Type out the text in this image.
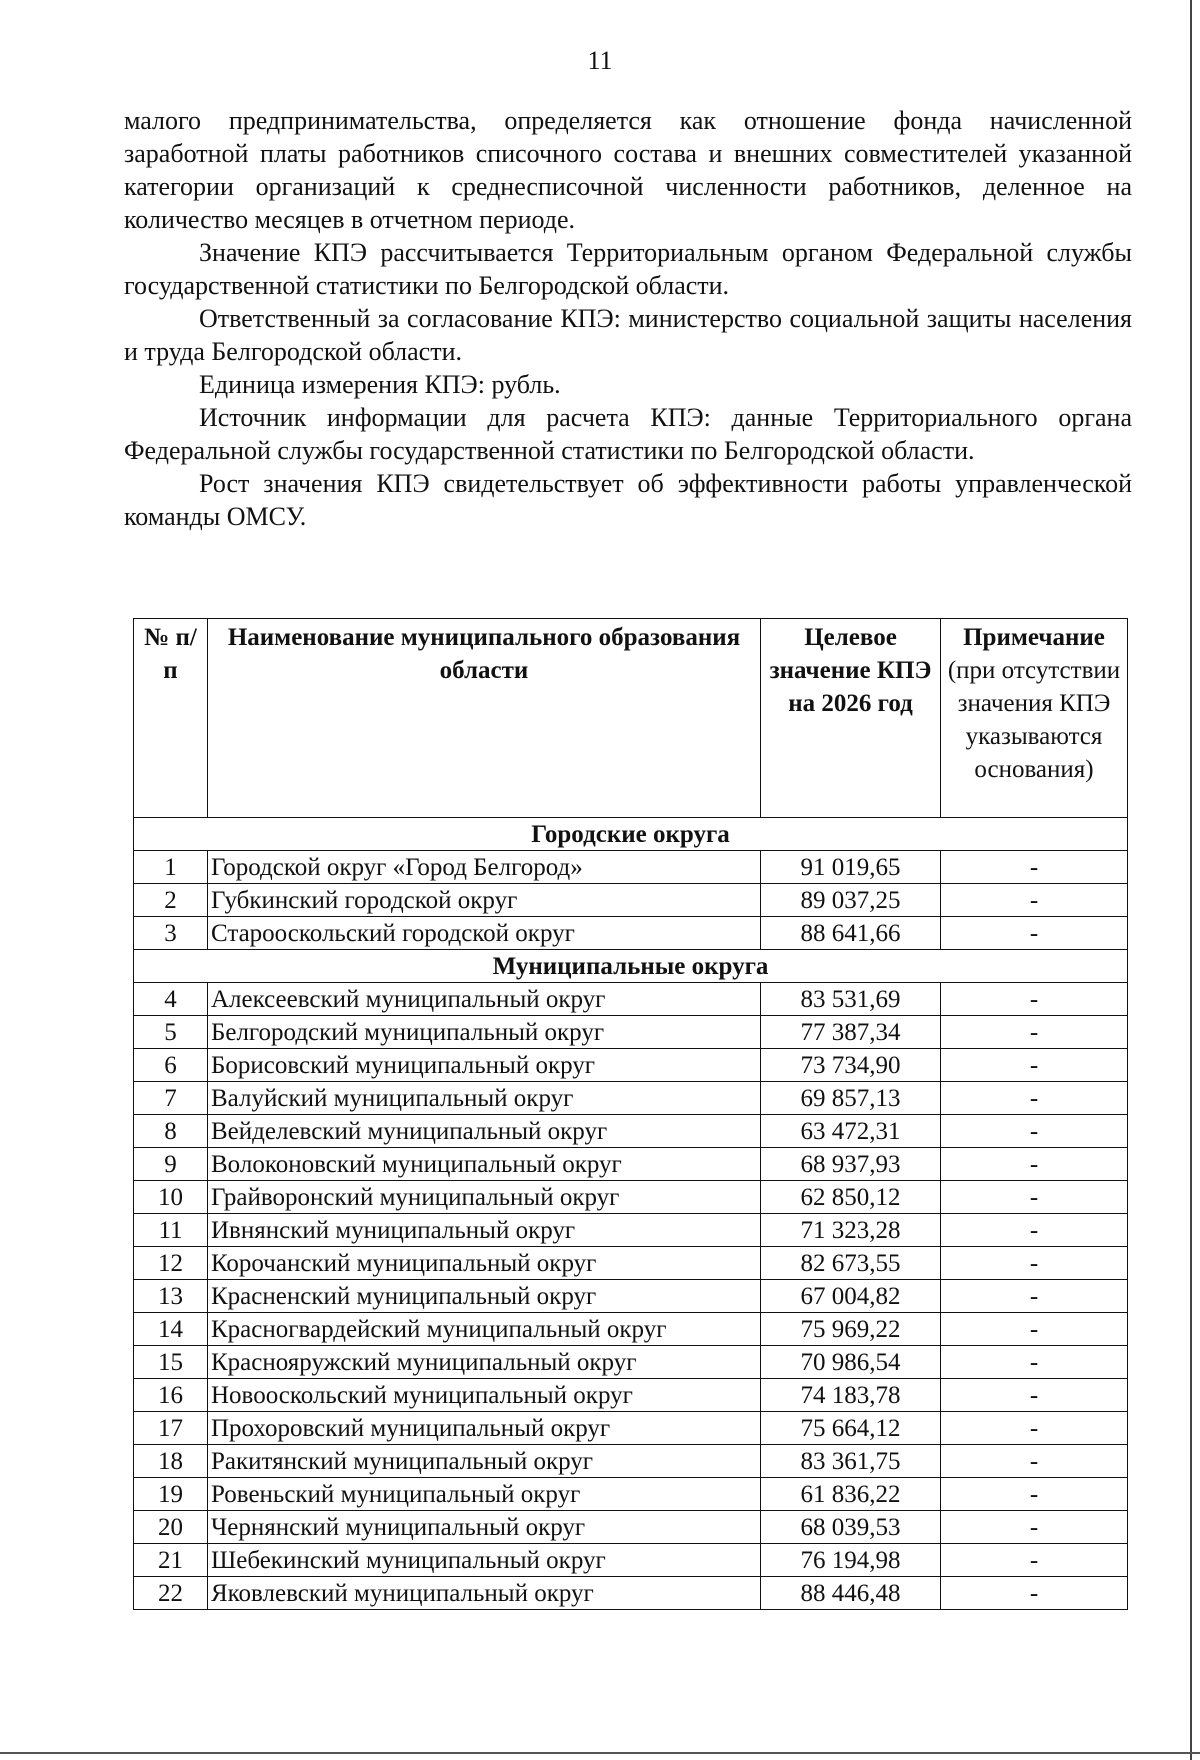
11

малого предпринимательства, определяется как отношение фонда начисленной заработной платы работников списочного состава и внешних совместителей указанной категории организаций к среднесписочной численности работников, деленное на количество месяцев в отчетном периоде.

Значение КПЭ рассчитывается Территориальным органом Федеральной службы государственной статистики по Белгородской области.

Ответственный за согласование КПЭ: министерство социальной защиты населения и труда Белгородской области.

Единица измерения КПЭ: рубль.

Источник информации для расчета КПЭ: данные Территориального органа Федеральной службы государственной статистики по Белгородской области.

Рост значения КПЭ свидетельствует об эффективности работы управленческой команды ОМСУ.

№ п/п	Наименование муниципального образования области	Целевое значение КПЭ на 2026 год	Примечание
(при отсутствии значения КПЭ указываются основания)
Городские округа			
1	Городской округ «Город Белгород»	91 019,65	-
2	Губкинский городской округ	89 037,25	-
3	Старооскольский городской округ	88 641,66	-
Муниципальные округа			
4	Алексеевский муниципальный округ	83 531,69	-
5	Белгородский муниципальный округ	77 387,34	-
6	Борисовский муниципальный округ	73 734,90	-
7	Валуйский муниципальный округ	69 857,13	-
8	Вейделевский муниципальный округ	63 472,31	-
9	Волоконовский муниципальный округ	68 937,93	-
10	Грайворонский муниципальный округ	62 850,12	-
11	Ивнянский муниципальный округ	71 323,28	-
12	Корочанский муниципальный округ	82 673,55	-
13	Красненский муниципальный округ	67 004,82	-
14	Красногвардейский муниципальный округ	75 969,22	-
15	Краснояружский муниципальный округ	70 986,54	-
16	Новооскольский муниципальный округ	74 183,78	-
17	Прохоровский муниципальный округ	75 664,12	-
18	Ракитянский муниципальный округ	83 361,75	-
19	Ровеньский муниципальный округ	61 836,22	-
20	Чернянский муниципальный округ	68 039,53	-
21	Шебекинский муниципальный округ	76 194,98	-
22	Яковлевский муниципальный округ	88 446,48	-
